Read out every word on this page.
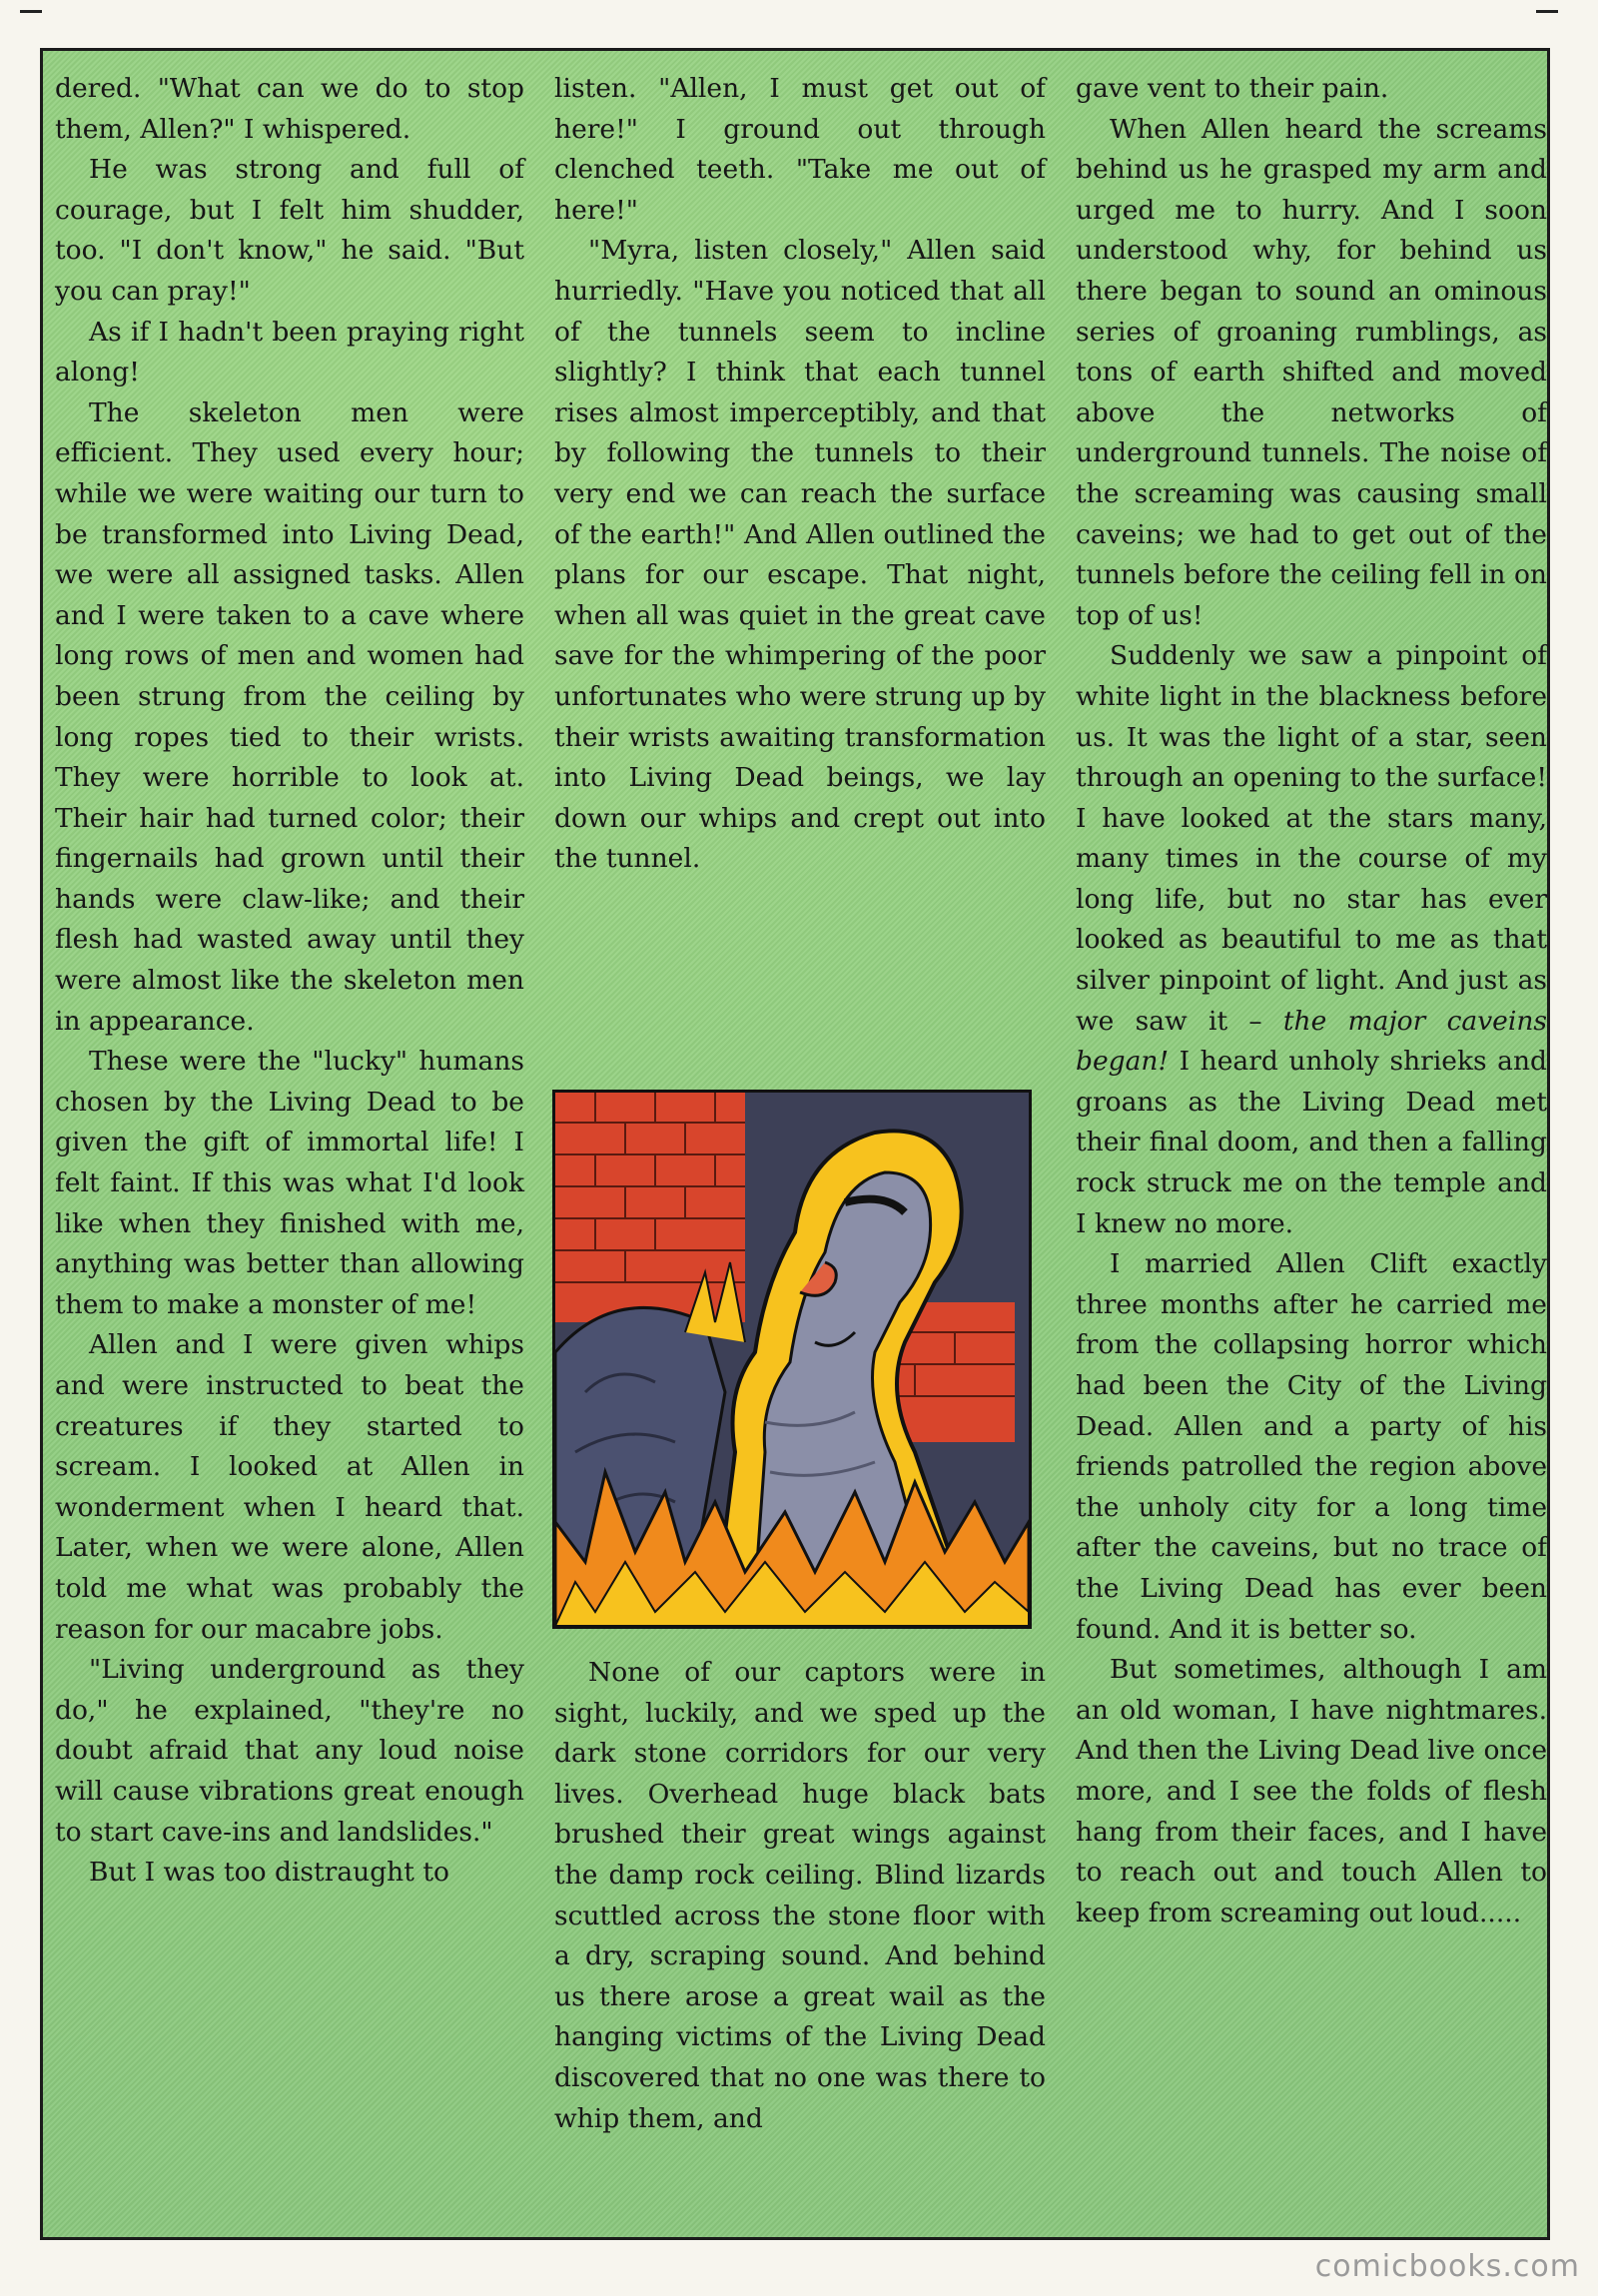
dered. "What can we do to stop them, Allen?" I whispered.

He was strong and full of courage, but I felt him shudder, too. "I don't know," he said. "But you can pray!"

As if I hadn't been praying right along!

The skeleton men were efficient. They used every hour; while we were waiting our turn to be transformed into Living Dead, we were all assigned tasks. Allen and I were taken to a cave where long rows of men and women had been strung from the ceiling by long ropes tied to their wrists. They were horrible to look at. Their hair had turned color; their fingernails had grown until their hands were claw-like; and their flesh had wasted away until they were almost like the skeleton men in appearance.

These were the "lucky" humans chosen by the Living Dead to be given the gift of immortal life! I felt faint. If this was what I'd look like when they finished with me, anything was better than allowing them to make a monster of me!

Allen and I were given whips and were instructed to beat the creatures if they started to scream. I looked at Allen in wonderment when I heard that. Later, when we were alone, Allen told me what was probably the reason for our macabre jobs.

"Living underground as they do," he explained, "they're no doubt afraid that any loud noise will cause vibrations great enough to start cave-ins and landslides."

But I was too distraught to

listen. "Allen, I must get out of here!" I ground out through clenched teeth. "Take me out of here!"

"Myra, listen closely," Allen said hurriedly. "Have you noticed that all of the tunnels seem to incline slightly? I think that each tunnel rises almost imperceptibly, and that by following the tunnels to their very end we can reach the surface of the earth!" And Allen outlined the plans for our escape. That night, when all was quiet in the great cave save for the whimpering of the poor unfortunates who were strung up by their wrists awaiting transformation into Living Dead beings, we lay down our whips and crept out into the tunnel.

None of our captors were in sight, luckily, and we sped up the dark stone corridors for our very lives. Overhead huge black bats brushed their great wings against the damp rock ceiling. Blind lizards scuttled across the stone floor with a dry, scraping sound. And behind us there arose a great wail as the hanging victims of the Living Dead discovered that no one was there to whip them, and

gave vent to their pain.

When Allen heard the screams behind us he grasped my arm and urged me to hurry. And I soon understood why, for behind us there began to sound an ominous series of groaning rumblings, as tons of earth shifted and moved above the networks of underground tunnels. The noise of the screaming was causing small caveins; we had to get out of the tunnels before the ceiling fell in on top of us!

Suddenly we saw a pinpoint of white light in the blackness before us. It was the light of a star, seen through an opening to the surface! I have looked at the stars many, many times in the course of my long life, but no star has ever looked as beautiful to me as that silver pinpoint of light. And just as we saw it – the major caveins began! I heard unholy shrieks and groans as the Living Dead met their final doom, and then a falling rock struck me on the temple and I knew no more.

I married Allen Clift exactly three months after he carried me from the collapsing horror which had been the City of the Living Dead. Allen and a party of his friends patrolled the region above the unholy city for a long time after the caveins, but no trace of the Living Dead has ever been found. And it is better so.

But sometimes, although I am an old woman, I have nightmares. And then the Living Dead live once more, and I see the folds of flesh hang from their faces, and I have to reach out and touch Allen to keep from screaming out loud.....

comicbooks.com
